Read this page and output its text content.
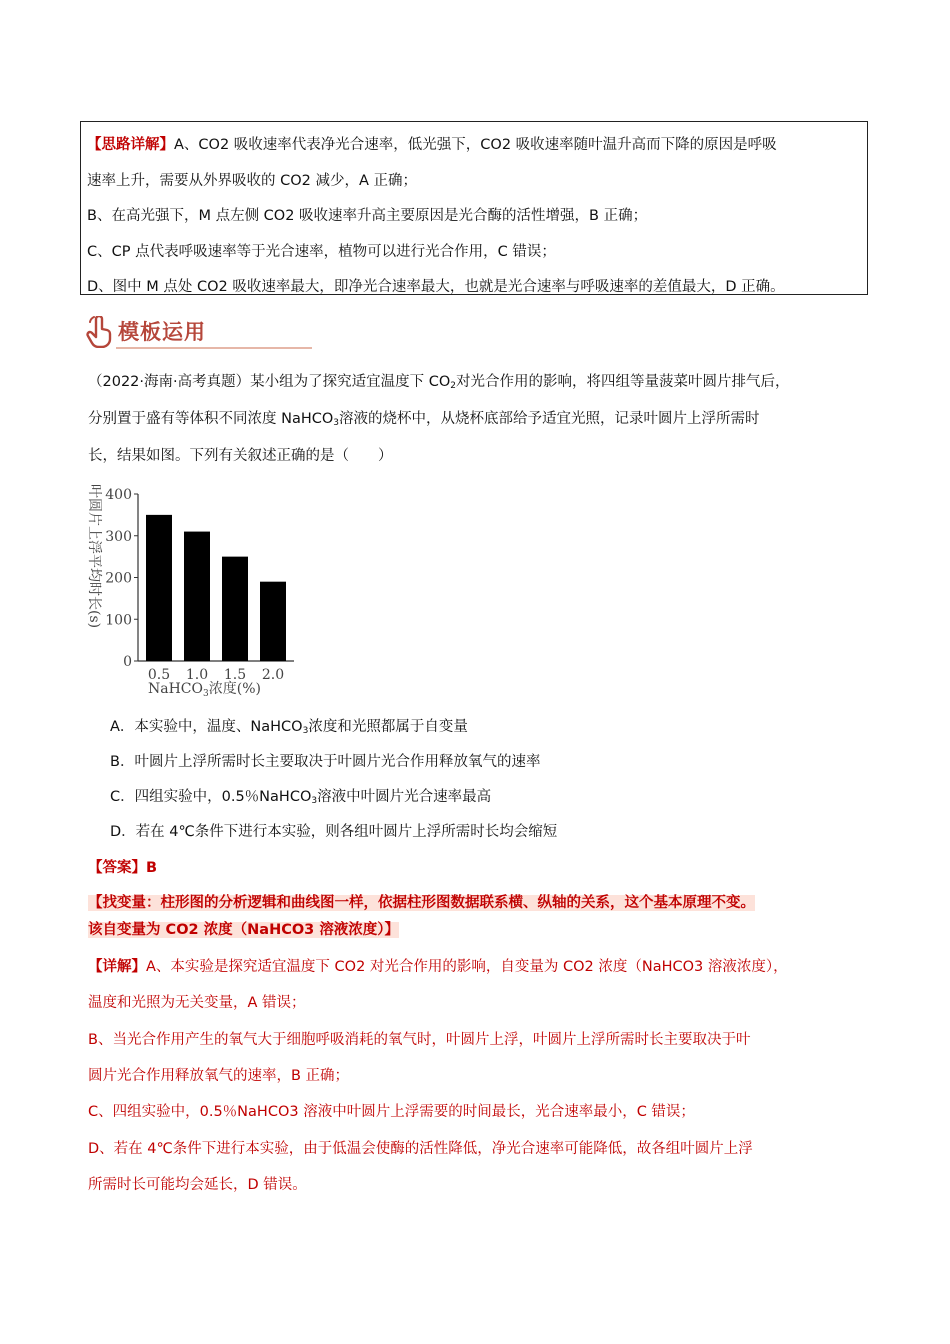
【思路详解】A、CO2 吸收速率代表净光合速率，低光强下，CO2 吸收速率随叶温升高而下降的原因是呼吸

速率上升，需要从外界吸收的 CO2 减少，A 正确；

B、在高光强下，M 点左侧 CO2 吸收速率升高主要原因是光合酶的活性增强，B 正确；

C、CP 点代表呼吸速率等于光合速率，植物可以进行光合作用，C 错误；

D、图中 M 点处 CO2 吸收速率最大，即净光合速率最大，也就是光合速率与呼吸速率的差值最大，D 正确。

模板运用

（2022·海南·高考真题）某小组为了探究适宜温度下 $CO_2$对光合作用的影响，将四组等量菠菜叶圆片排气后，

分别置于盛有等体积不同浓度 NaHCO$_3$溶液的烧杯中，从烧杯底部给予适宜光照，记录叶圆片上浮所需时

长，结果如图。下列有关叙述正确的是（　　）

叶圆片上浮平均时长(s)
0
100
200
300
400
0.5 1.0 1.5 2.0
NaHCO$_3$浓度(%)

A．本实验中，温度、NaHCO$_3$浓度和光照都属于自变量

B．叶圆片上浮所需时长主要取决于叶圆片光合作用释放氧气的速率

C．四组实验中，0.5％NaHCO$_3$溶液中叶圆片光合速率最高

D．若在 4℃条件下进行本实验，则各组叶圆片上浮所需时长均会缩短

【答案】B

【找变量：柱形图的分析逻辑和曲线图一样，依据柱形图数据联系横、纵轴的关系，这个基本原理不变。

该自变量为 CO2 浓度（NaHCO3 溶液浓度）】

【详解】A、本实验是探究适宜温度下 CO2 对光合作用的影响，自变量为 CO2 浓度（NaHCO3 溶液浓度），

温度和光照为无关变量，A 错误；

B、当光合作用产生的氧气大于细胞呼吸消耗的氧气时，叶圆片上浮，叶圆片上浮所需时长主要取决于叶

圆片光合作用释放氧气的速率，B 正确；

C、四组实验中，0.5％NaHCO3 溶液中叶圆片上浮需要的时间最长，光合速率最小，C 错误；

D、若在 4℃条件下进行本实验，由于低温会使酶的活性降低，净光合速率可能降低，故各组叶圆片上浮

所需时长可能均会延长，D 错误。
